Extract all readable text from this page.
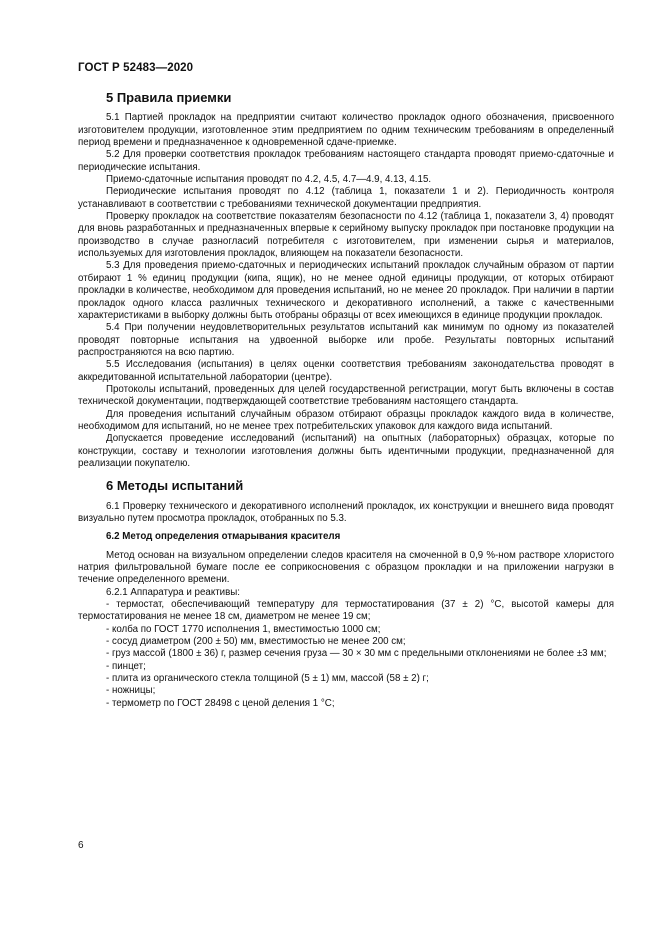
ГОСТ Р 52483—2020
5 Правила приемки

5.1 Партией прокладок на предприятии считают количество прокладок одного обозначения, присвоенного изготовителем продукции, изготовленное этим предприятием по одним техническим требованиям в определенный период времени и предназначенное к одновременной сдаче-приемке.

5.2 Для проверки соответствия прокладок требованиям настоящего стандарта проводят приемо-сдаточные и периодические испытания.

Приемо-сдаточные испытания проводят по 4.2, 4.5, 4.7—4.9, 4.13, 4.15.

Периодические испытания проводят по 4.12 (таблица 1, показатели 1 и 2). Периодичность контроля устанавливают в соответствии с требованиями технической документации предприятия.

Проверку прокладок на соответствие показателям безопасности по 4.12 (таблица 1, показатели 3, 4) проводят для вновь разработанных и предназначенных впервые к серийному выпуску прокладок при постановке продукции на производство в случае разногласий потребителя с изготовителем, при изменении сырья и материалов, используемых для изготовления прокладок, влияющем на показатели безопасности.

5.3 Для проведения приемо-сдаточных и периодических испытаний прокладок случайным образом от партии отбирают 1 % единиц продукции (кипа, ящик), но не менее одной единицы продукции, от которых отбирают прокладки в количестве, необходимом для проведения испытаний, но не менее 20 прокладок. При наличии в партии прокладок одного класса различных технического и декоративного исполнений, а также с качественными характеристиками в выборку должны быть отобраны образцы от всех имеющихся в единице продукции прокладок.

5.4 При получении неудовлетворительных результатов испытаний как минимум по одному из показателей проводят повторные испытания на удвоенной выборке или пробе. Результаты повторных испытаний распространяются на всю партию.

5.5 Исследования (испытания) в целях оценки соответствия требованиям законодательства проводят в аккредитованной испытательной лаборатории (центре).

Протоколы испытаний, проведенных для целей государственной регистрации, могут быть включены в состав технической документации, подтверждающей соответствие требованиям настоящего стандарта.

Для проведения испытаний случайным образом отбирают образцы прокладок каждого вида в количестве, необходимом для испытаний, но не менее трех потребительских упаковок для каждого вида испытаний.

Допускается проведение исследований (испытаний) на опытных (лабораторных) образцах, которые по конструкции, составу и технологии изготовления должны быть идентичными продукции, предназначенной для реализации покупателю.

6 Методы испытаний

6.1 Проверку технического и декоративного исполнений прокладок, их конструкции и внешнего вида проводят визуально путем просмотра прокладок, отобранных по 5.3.

6.2 Метод определения отмарывания красителя

Метод основан на визуальном определении следов красителя на смоченной в 0,9 %-ном растворе хлористого натрия фильтровальной бумаге после ее соприкосновения с образцом прокладки и на приложении нагрузки в течение определенного времени.

6.2.1 Аппаратура и реактивы:

- термостат, обеспечивающий температуру для термостатирования (37 ± 2) °C, высотой камеры для термостатирования не менее 18 см, диаметром не менее 19 см;
- колба по ГОСТ 1770 исполнения 1, вместимостью 1000 см;
- сосуд диаметром (200 ± 50) мм, вместимостью не менее 200 см;
- груз массой (1800 ± 36) г, размер сечения груза — 30 × 30 мм с предельными отклонениями не более ±3 мм;
- пинцет;
- плита из органического стекла толщиной (5 ± 1) мм, массой (58 ± 2) г;
- ножницы;
- термометр по ГОСТ 28498 с ценой деления 1 °C;
6
